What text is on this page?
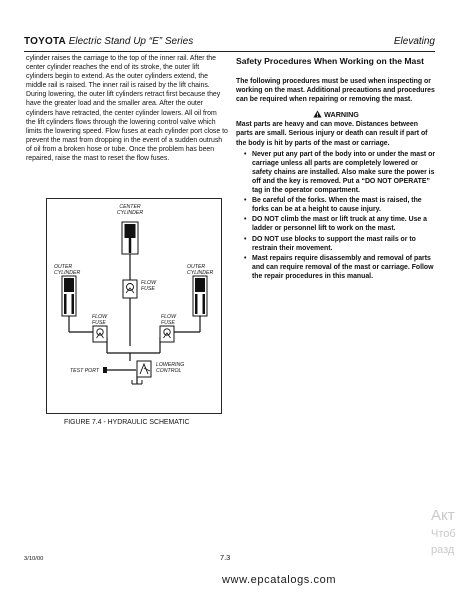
TOYOTA Electric Stand Up “E” Series	Elevating
cylinder raises the carriage to the top of the inner rail. After the center cylinder reaches the end of its stroke, the outer lift cylinders begin to extend. As the outer cylinders extend, the middle rail is raised. The inner rail is raised by the lift chains. During lowering, the outer lift cylinders retract first because they have the greater load and the smaller area. After the outer cylinders have retracted, the center cylinder lowers. All oil from the lift cylinders flows through the lowering control valve which limits the lowering speed. Flow fuses at each cylinder port close to prevent the mast from dropping in the event of a sudden outrush of oil from a broken hose or tube. Once the problem has been repaired, raise the mast to reset the flow fuses.
CENTER CYLINDER
FLOW FUSE
OUTER CYLINDER
OUTER CYLINDER
FLOW FUSE
FLOW FUSE
TEST PORT
LOWERING CONTROL
FIGURE 7.4 - HYDRAULIC SCHEMATIC
Safety Procedures When Working on the Mast

The following procedures must be used when inspecting or working on the mast. Additional precautions and procedures can be required when repairing or removing the mast.

WARNING

Mast parts are heavy and can move. Distances between parts are small. Serious injury or death can result if part of the body is hit by parts of the mast or carriage.

• Never put any part of the body into or under the mast or carriage unless all parts are completely lowered or safety chains are installed. Also make sure the power is off and the key is removed. Put a “DO NOT OPERATE” tag in the operator compartment.
• Be careful of the forks. When the mast is raised, the forks can be at a height to cause injury.
• DO NOT climb the mast or lift truck at any time. Use a ladder or personnel lift to work on the mast.
• DO NOT use blocks to support the mast rails or to restrain their movement.
• Mast repairs require disassembly and removal of parts and can require removal of the mast or carriage. Follow the repair procedures in this manual.
3/10/00	7.3
www.epcatalogs.com
Акт
Чтоб
разд
